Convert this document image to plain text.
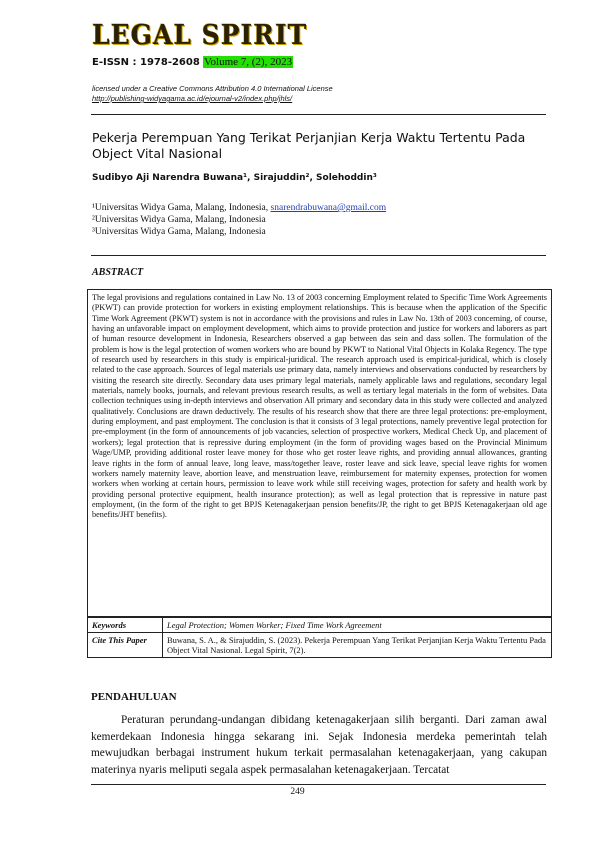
LEGAL SPIRIT
E-ISSN : 1978-2608 Volume 7, (2), 2023
licensed under a Creative Commons Attribution 4.0 International License
http://publishing-widyagama.ac.id/ejournal-v2/index.php/jhls/
Pekerja Perempuan Yang Terikat Perjanjian Kerja Waktu Tertentu Pada Object Vital Nasional
Sudibyo Aji Narendra Buwana¹, Sirajuddin², Solehoddin³
¹Universitas Widya Gama, Malang, Indonesia, snarendrabuwana@gmail.com
²Universitas Widya Gama, Malang, Indonesia
³Universitas Widya Gama, Malang, Indonesia
ABSTRACT

The legal provisions and regulations contained in Law No. 13 of 2003 concerning Employment related to Specific Time Work Agreements (PKWT) can provide protection for workers in existing employment relationships. This is because when the application of the Specific Time Work Agreement (PKWT) system is not in accordance with the provisions and rules in Law No. 13th of 2003 concerning, of course, having an unfavorable impact on employment development, which aims to provide protection and justice for workers and laborers as part of human resource development in Indonesia, Researchers observed a gap between das sein and dass sollen. The formulation of the problem is how is the legal protection of women workers who are bound by PKWT to National Vital Objects in Kolaka Regency. The type of research used by researchers in this study is empirical-juridical. The research approach used is empirical-juridical, which is closely related to the case approach. Sources of legal materials use primary data, namely interviews and observations conducted by researchers by visiting the research site directly. Secondary data uses primary legal materials, namely applicable laws and regulations, secondary legal materials, namely books, journals, and relevant previous research results, as well as tertiary legal materials in the form of websites. Data collection techniques using in-depth interviews and observation All primary and secondary data in this study were collected and analyzed qualitatively. Conclusions are drawn deductively. The results of his research show that there are three legal protections: pre-employment, during employment, and past employment. The conclusion is that it consists of 3 legal protections, namely preventive legal protection for pre-employment (in the form of announcements of job vacancies, selection of prospective workers, Medical Check Up, and placement of workers); legal protection that is repressive during employment (in the form of providing wages based on the Provincial Minimum Wage/UMP, providing additional roster leave money for those who get roster leave rights, and providing annual allowances, granting leave rights in the form of annual leave, long leave, mass/together leave, roster leave and sick leave, special leave rights for women workers namely maternity leave, abortion leave, and menstruation leave, reimbursement for maternity expenses, protection for women workers when working at certain hours, permission to leave work while still receiving wages, protection for safety and health work by providing personal protective equipment, health insurance protection); as well as legal protection that is repressive in nature past employment, (in the form of the right to get BPJS Ketenagakerjaan pension benefits/JP, the right to get BPJS Ketenagakerjaan old age benefits/JHT benefits).

Keywords	Legal Protection; Women Worker; Fixed Time Work Agreement
Cite This Paper	Buwana, S. A., & Sirajuddin, S. (2023). Pekerja Perempuan Yang Terikat Perjanjian Kerja Waktu Tertentu Pada Object Vital Nasional. Legal Spirit, 7(2).
PENDAHULUAN

Peraturan perundang-undangan dibidang ketenagakerjaan silih berganti. Dari zaman awal kemerdekaan Indonesia hingga sekarang ini. Sejak Indonesia merdeka pemerintah telah mewujudkan berbagai instrument hukum terkait permasalahan ketenagakerjaan, yang cakupan materinya nyaris meliputi segala aspek permasalahan ketenagakerjaan. Tercatat

249
